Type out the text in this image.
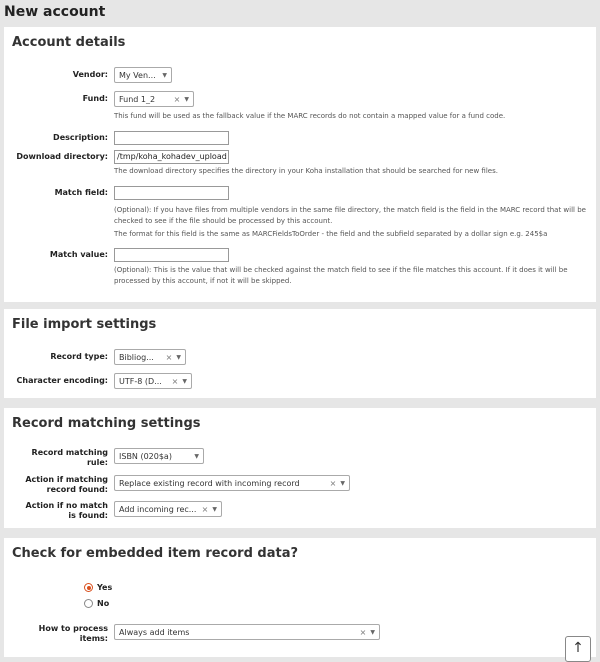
New account
Account details
Vendor: My Ven...	▼
Fund: Fund 1_2	× ▼
This fund will be used as the fallback value if the MARC records do not contain a mapped value for a fund code.
Description:
Download directory:	/tmp/koha_kohadev_upload
The download directory specifies the directory in your Koha installation that should be searched for new files.
Match field:
(Optional): If you have files from multiple vendors in the same file directory, the match field is the field in the MARC record that will be checked to see if the file should be processed by this account.
The format for this field is the same as MARCFieldsToOrder - the field and the subfield separated by a dollar sign e.g. 245$a
Match value:
(Optional): This is the value that will be checked against the match field to see if the file matches this account. If it does it will be processed by this account, if not it will be skipped.
File import settings
Record type: Bibliog...	× ▼
Character encoding: UTF-8 (D...	× ▼
Record matching settings
Record matching rule:
ISBN (020$a)	▼
Action if matching record found:
Replace existing record with incoming record	× ▼
Action if no match is found:
Add incoming rec... × ▼
Check for embedded item record data?
Yes
No
How to process items:
Always add items	× ▼
↑
